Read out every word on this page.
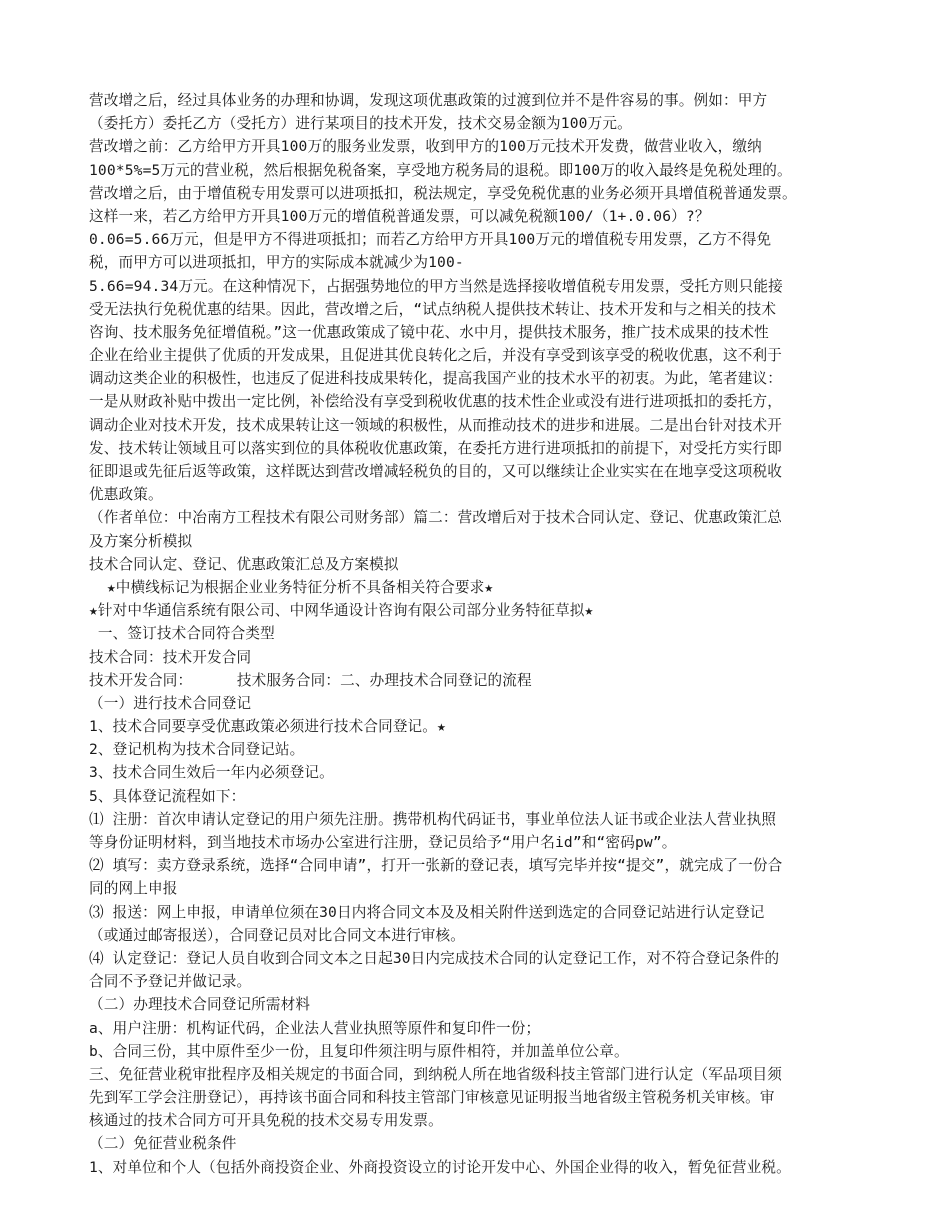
营改增之后，经过具体业务的办理和协调，发现这项优惠政策的过渡到位并不是件容易的事。例如：甲方
（委托方）委托乙方（受托方）进行某项目的技术开发，技术交易金额为100万元。
营改增之前：乙方给甲方开具100万的服务业发票，收到甲方的100万元技术开发费，做营业收入，缴纳
100*5%=5万元的营业税，然后根据免税备案，享受地方税务局的退税。即100万的收入最终是免税处理的。
营改增之后，由于增值税专用发票可以进项抵扣，税法规定，享受免税优惠的业务必须开具增值税普通发票。
这样一来，若乙方给甲方开具100万元的增值税普通发票，可以减免税额100/（1+.0.06）?？
0.06=5.66万元，但是甲方不得进项抵扣；而若乙方给甲方开具100万元的增值税专用发票，乙方不得免
税，而甲方可以进项抵扣，甲方的实际成本就减少为100-
5.66=94.34万元。在这种情况下，占据强势地位的甲方当然是选择接收增值税专用发票，受托方则只能接
受无法执行免税优惠的结果。因此，营改增之后，“试点纳税人提供技术转让、技术开发和与之相关的技术
咨询、技术服务免征增值税。”这一优惠政策成了镜中花、水中月，提供技术服务，推广技术成果的技术性
企业在给业主提供了优质的开发成果，且促进其优良转化之后，并没有享受到该享受的税收优惠，这不利于
调动这类企业的积极性，也违反了促进科技成果转化，提高我国产业的技术水平的初衷。为此，笔者建议：
一是从财政补贴中拨出一定比例，补偿给没有享受到税收优惠的技术性企业或没有进行进项抵扣的委托方，
调动企业对技术开发，技术成果转让这一领域的积极性，从而推动技术的进步和进展。二是出台针对技术开
发、技术转让领域且可以落实到位的具体税收优惠政策，在委托方进行进项抵扣的前提下，对受托方实行即
征即退或先征后返等政策，这样既达到营改增减轻税负的目的，又可以继续让企业实实在在地享受这项税收
优惠政策。
（作者单位：中冶南方工程技术有限公司财务部）篇二：营改增后对于技术合同认定、登记、优惠政策汇总
及方案分析模拟
技术合同认定、登记、优惠政策汇总及方案模拟
★中横线标记为根据企业业务特征分析不具备相关符合要求★
★针对中华通信系统有限公司、中网华通设计咨询有限公司部分业务特征草拟★
一、签订技术合同符合类型
技术合同：技术开发合同
技术开发合同：     技术服务合同：二、办理技术合同登记的流程
（一）进行技术合同登记
1、技术合同要享受优惠政策必须进行技术合同登记。★
2、登记机构为技术合同登记站。
3、技术合同生效后一年内必须登记。
5、具体登记流程如下：
⑴ 注册：首次申请认定登记的用户须先注册。携带机构代码证书，事业单位法人证书或企业法人营业执照
等身份证明材料，到当地技术市场办公室进行注册，登记员给予“用户名id”和“密码pw”。
⑵ 填写：卖方登录系统，选择“合同申请”，打开一张新的登记表，填写完毕并按“提交”，就完成了一份合
同的网上申报
⑶ 报送：网上申报，申请单位须在30日内将合同文本及及相关附件送到选定的合同登记站进行认定登记
（或通过邮寄报送），合同登记员对比合同文本进行审核。
⑷ 认定登记：登记人员自收到合同文本之日起30日内完成技术合同的认定登记工作，对不符合登记条件的
合同不予登记并做记录。
（二）办理技术合同登记所需材料
a、用户注册：机构证代码，企业法人营业执照等原件和复印件一份；
b、合同三份，其中原件至少一份，且复印件须注明与原件相符，并加盖单位公章。
三、免征营业税审批程序及相关规定的书面合同，到纳税人所在地省级科技主管部门进行认定（军品项目须
先到军工学会注册登记），再持该书面合同和科技主管部门审核意见证明报当地省级主管税务机关审核。审
核通过的技术合同方可开具免税的技术交易专用发票。
（二）免征营业税条件
1、对单位和个人（包括外商投资企业、外商投资设立的讨论开发中心、外国企业得的收入，暂免征营业税。
